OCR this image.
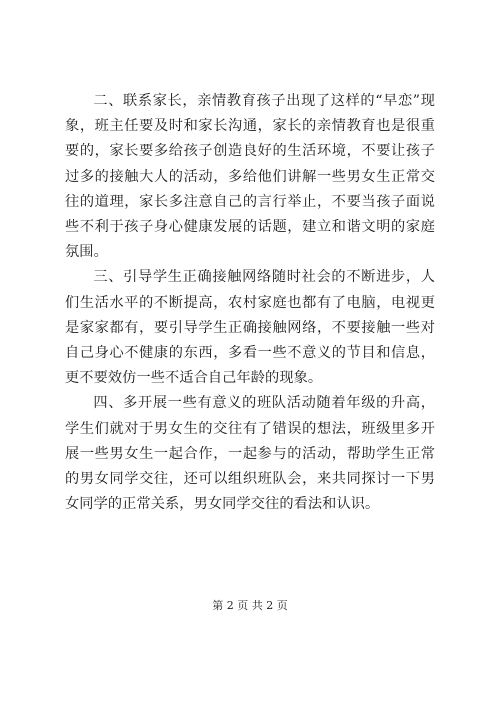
二、联系家长，亲情教育孩子出现了这样的“早恋”现象，班主任要及时和家长沟通，家长的亲情教育也是很重要的，家长要多给孩子创造良好的生活环境，不要让孩子过多的接触大人的活动，多给他们讲解一些男女生正常交往的道理，家长多注意自己的言行举止，不要当孩子面说些不利于孩子身心健康发展的话题，建立和谐文明的家庭氛围。

三、引导学生正确接触网络随时社会的不断进步，人们生活水平的不断提高，农村家庭也都有了电脑，电视更是家家都有，要引导学生正确接触网络，不要接触一些对自己身心不健康的东西，多看一些不意义的节目和信息，更不要效仿一些不适合自己年龄的现象。

四、多开展一些有意义的班队活动随着年级的升高，学生们就对于男女生的交往有了错误的想法，班级里多开展一些男女生一起合作，一起参与的活动，帮助学生正常的男女同学交往，还可以组织班队会，来共同探讨一下男女同学的正常关系，男女同学交往的看法和认识。

第 2 页 共 2 页
